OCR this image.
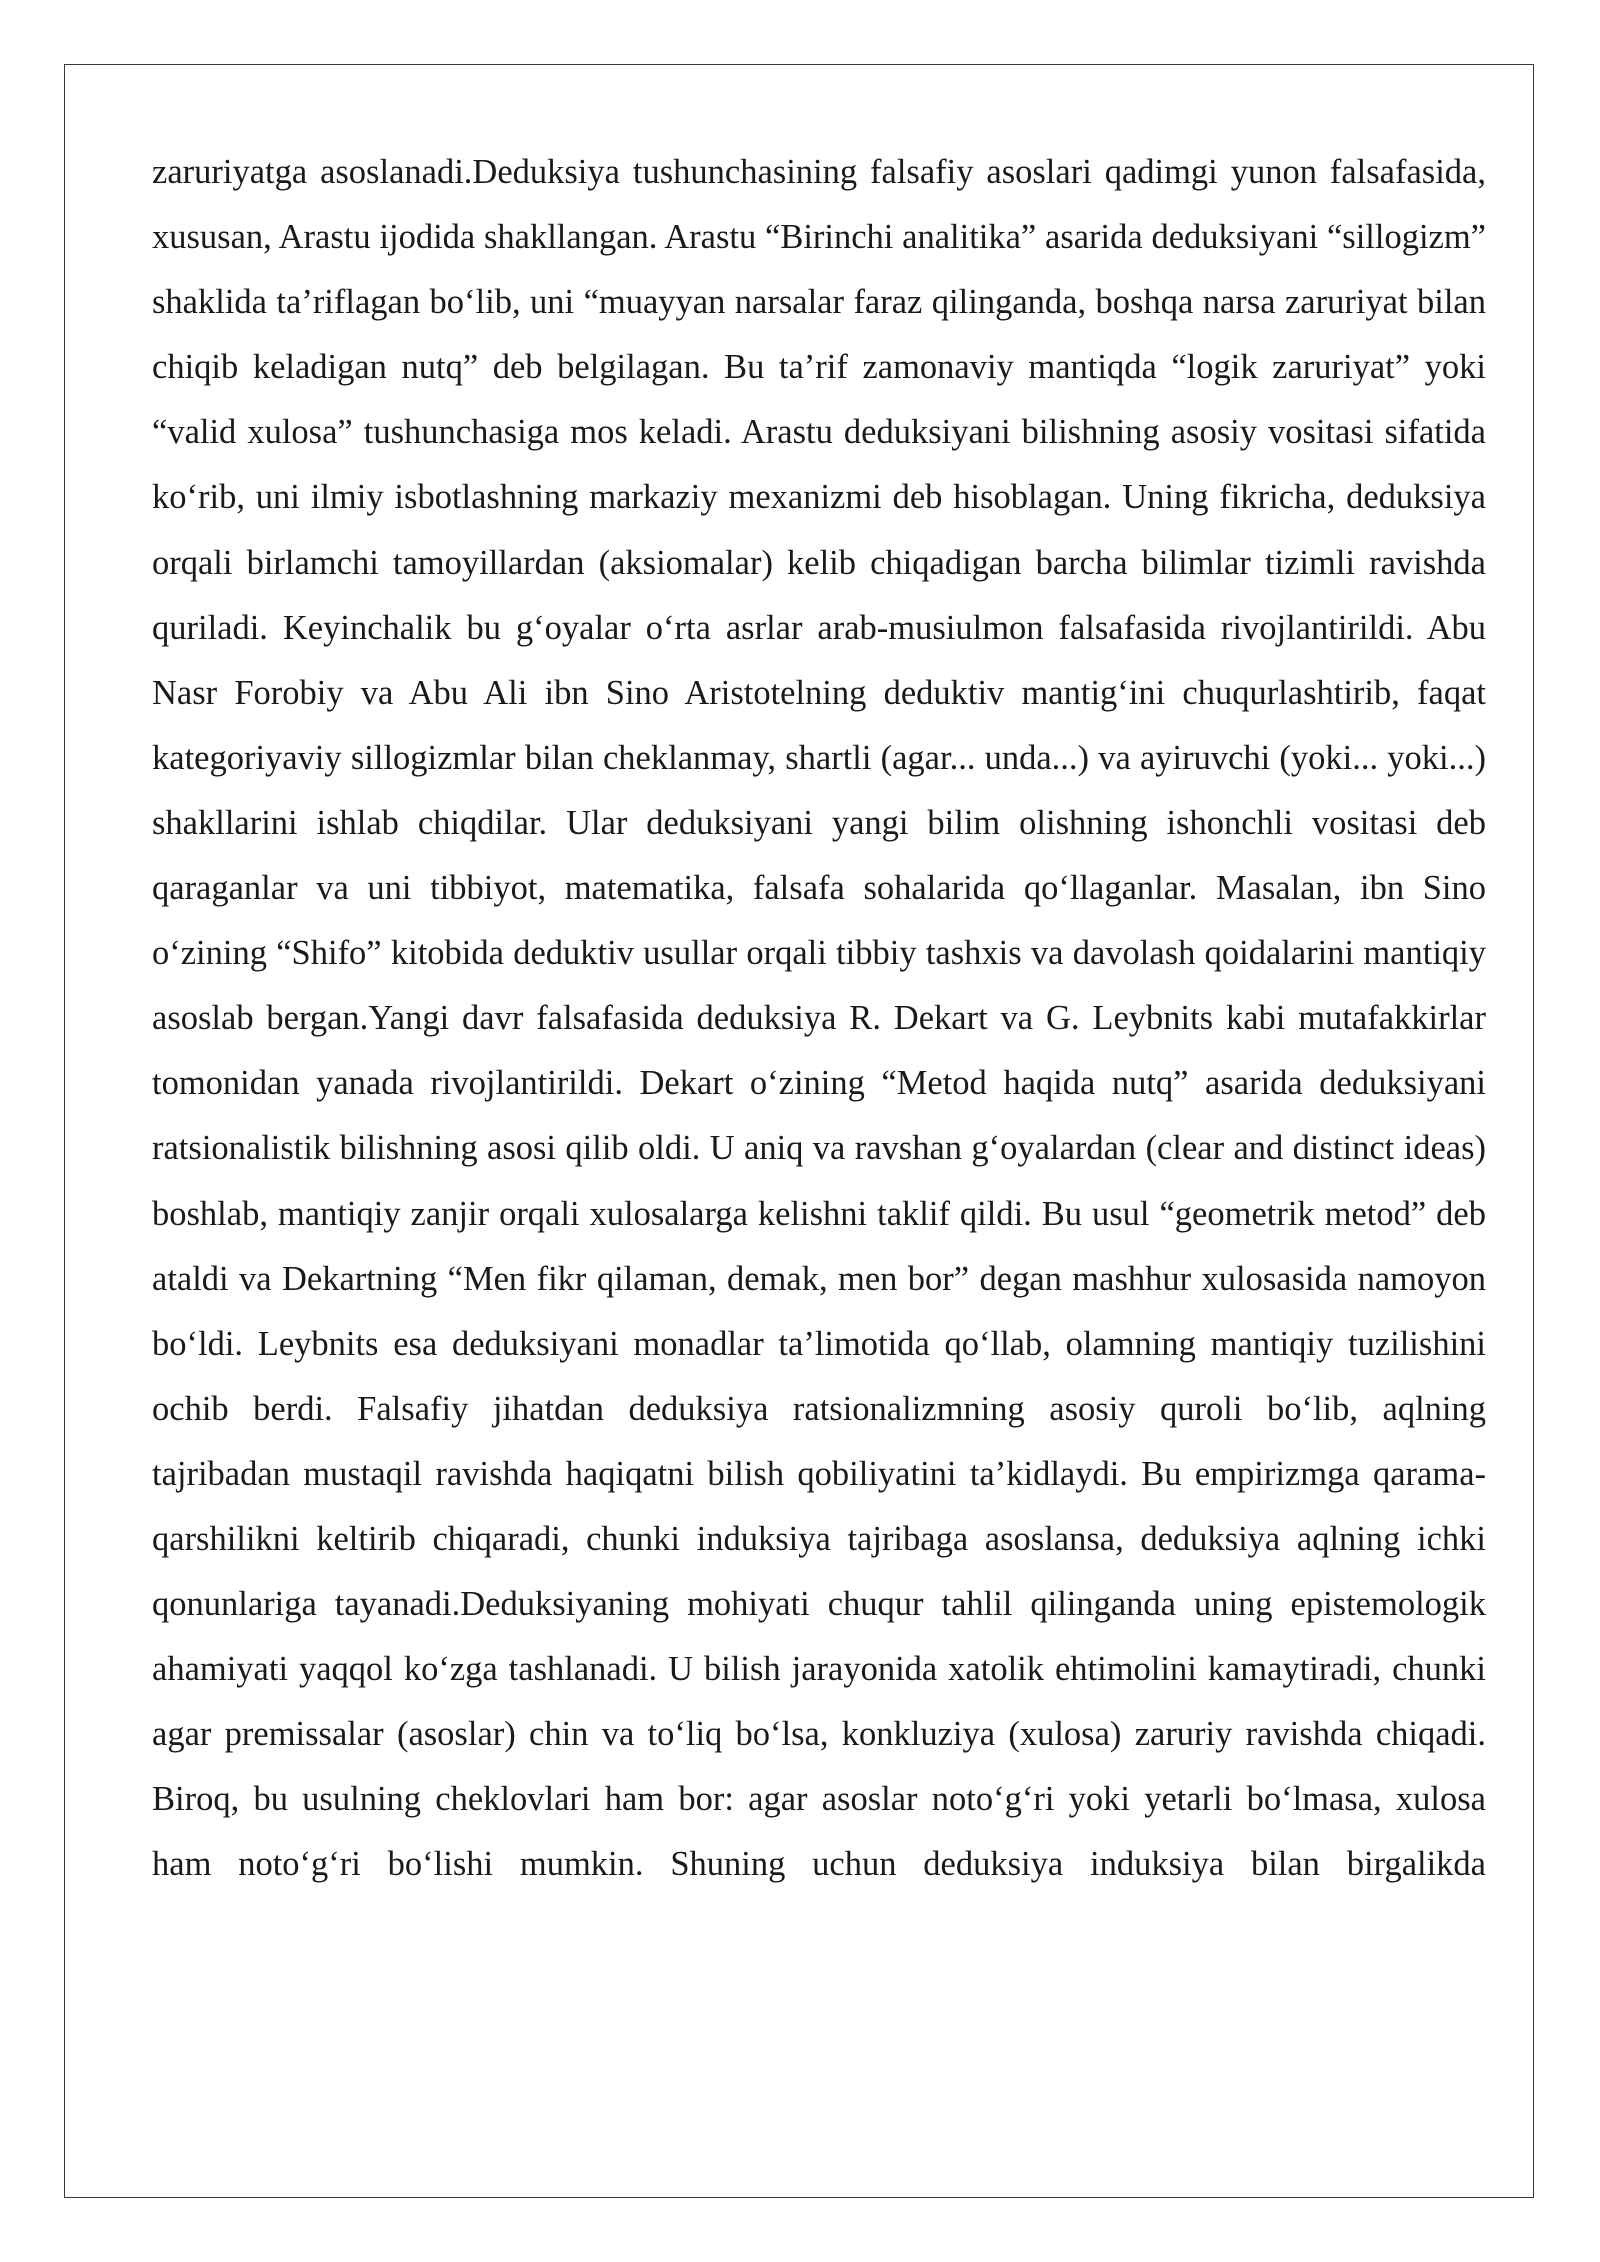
zaruriyatga asoslanadi.Deduksiya tushunchasining falsafiy asoslari qadimgi yunon falsafasida, xususan, Arastu ijodida shakllangan. Arastu “Birinchi analitika” asarida deduksiyani “sillogizm” shaklida ta’riflagan bo‘lib, uni “muayyan narsalar faraz qilinganda, boshqa narsa zaruriyat bilan chiqib keladigan nutq” deb belgilagan. Bu ta’rif zamonaviy mantiqda “logik zaruriyat” yoki “valid xulosa” tushunchasiga mos keladi. Arastu deduksiyani bilishning asosiy vositasi sifatida ko‘rib, uni ilmiy isbotlashning markaziy mexanizmi deb hisoblagan. Uning fikricha, deduksiya orqali birlamchi tamoyillardan (aksiomalar) kelib chiqadigan barcha bilimlar tizimli ravishda quriladi. Keyinchalik bu g‘oyalar o‘rta asrlar arab-musiulmon falsafasida rivojlantirildi. Abu Nasr Forobiy va Abu Ali ibn Sino Aristotelning deduktiv mantig‘ini chuqurlashtirib, faqat kategoriyaviy sillogizmlar bilan cheklanmay, shartli (agar... unda...) va ayiruvchi (yoki... yoki...) shakllarini ishlab chiqdilar. Ular deduksiyani yangi bilim olishning ishonchli vositasi deb qaraganlar va uni tibbiyot, matematika, falsafa sohalarida qo‘llaganlar. Masalan, ibn Sino o‘zining “Shifo” kitobida deduktiv usullar orqali tibbiy tashxis va davolash qoidalarini mantiqiy asoslab bergan.Yangi davr falsafasida deduksiya R. Dekart va G. Leybnits kabi mutafakkirlar tomonidan yanada rivojlantirildi. Dekart o‘zining “Metod haqida nutq” asarida deduksiyani ratsionalistik bilishning asosi qilib oldi. U aniq va ravshan g‘oyalardan (clear and distinct ideas) boshlab, mantiqiy zanjir orqali xulosalarga kelishni taklif qildi. Bu usul “geometrik metod” deb ataldi va Dekartning “Men fikr qilaman, demak, men bor” degan mashhur xulosasida namoyon bo‘ldi. Leybnits esa deduksiyani monadlar ta’limotida qo‘llab, olamning mantiqiy tuzilishini ochib berdi. Falsafiy jihatdan deduksiya ratsionalizmning asosiy quroli bo‘lib, aqlning tajribadan mustaqil ravishda haqiqatni bilish qobiliyatini ta’kidlaydi. Bu empirizmga qarama-qarshilikni keltirib chiqaradi, chunki induksiya tajribaga asoslansa, deduksiya aqlning ichki qonunlariga tayanadi.Deduksiyaning mohiyati chuqur tahlil qilinganda uning epistemologik ahamiyati yaqqol ko‘zga tashlanadi. U bilish jarayonida xatolik ehtimolini kamaytiradi, chunki agar premissalar (asoslar) chin va to‘liq bo‘lsa, konkluziya (xulosa) zaruriy ravishda chiqadi. Biroq, bu usulning cheklovlari ham bor: agar asoslar noto‘g‘ri yoki yetarli bo‘lmasa, xulosa ham noto‘g‘ri bo‘lishi mumkin. Shuning uchun deduksiya induksiya bilan birgalikda
